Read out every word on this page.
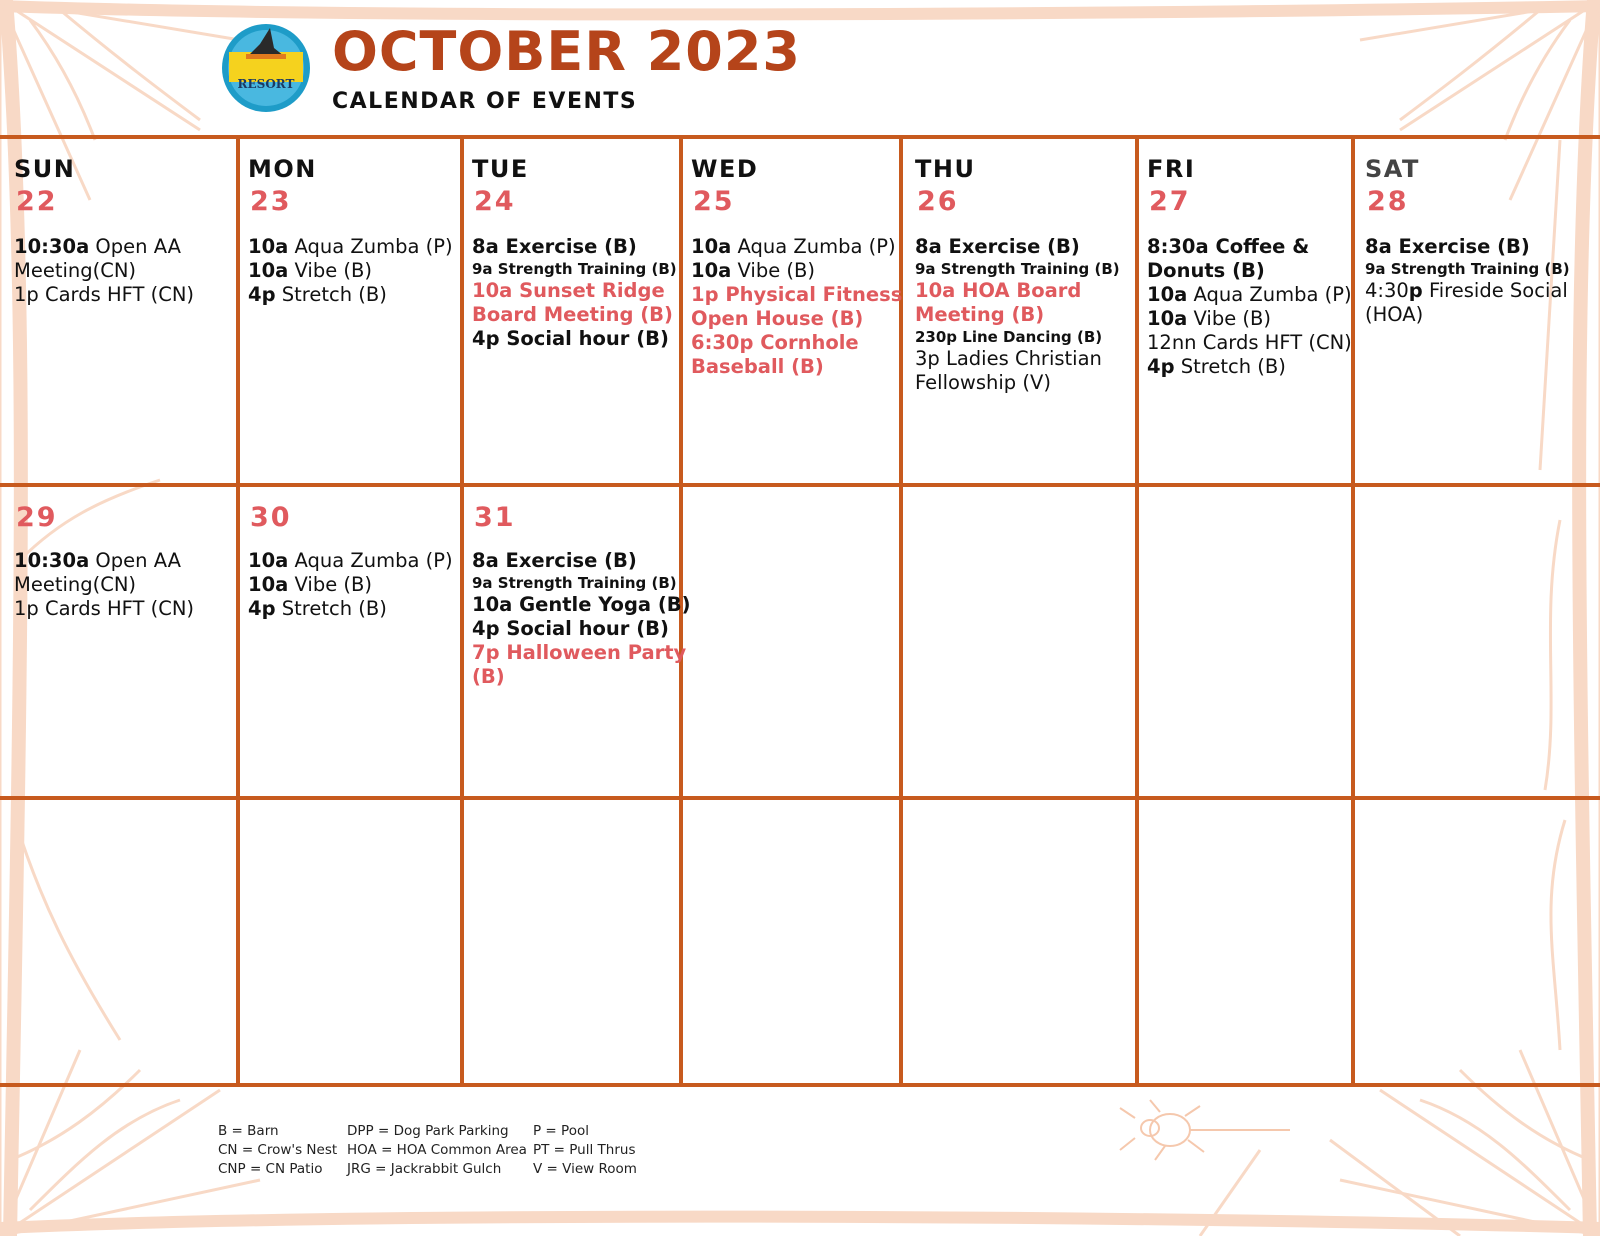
RESORT
OCTOBER 2023
CALENDAR OF EVENTS
SUN
22
10:30a Open AA
Meeting(CN)
1p Cards HFT (CN)
MON
23
10a Aqua Zumba (P)
10a Vibe (B)
4p Stretch (B)
TUE
24
8a Exercise (B)
9a Strength Training (B)
10a Sunset Ridge
Board Meeting (B)
4p Social hour (B)
WED
25
10a Aqua Zumba (P)
10a Vibe (B)
1p Physical Fitness
Open House (B)
6:30p Cornhole
Baseball (B)
THU
26
8a Exercise (B)
9a Strength Training (B)
10a HOA Board
Meeting (B)
230p Line Dancing (B)
3p Ladies Christian
Fellowship (V)
FRI
27
8:30a Coffee &
Donuts (B)
10a Aqua Zumba (P)
10a Vibe (B)
12nn Cards HFT (CN)
4p Stretch (B)
SAT
28
8a Exercise (B)
9a Strength Training (B)
4:30p Fireside Social
(HOA)
29
10:30a Open AA
Meeting(CN)
1p Cards HFT (CN)
30
10a Aqua Zumba (P)
10a Vibe (B)
4p Stretch (B)
31
8a Exercise (B)
9a Strength Training (B)
10a Gentle Yoga (B)
4p Social hour (B)
7p Halloween Party
(B)
B = Barn
CN = Crow's Nest
CNP = CN Patio
DPP = Dog Park Parking
HOA = HOA Common Area
JRG = Jackrabbit Gulch
P = Pool
PT = Pull Thrus
V = View Room
